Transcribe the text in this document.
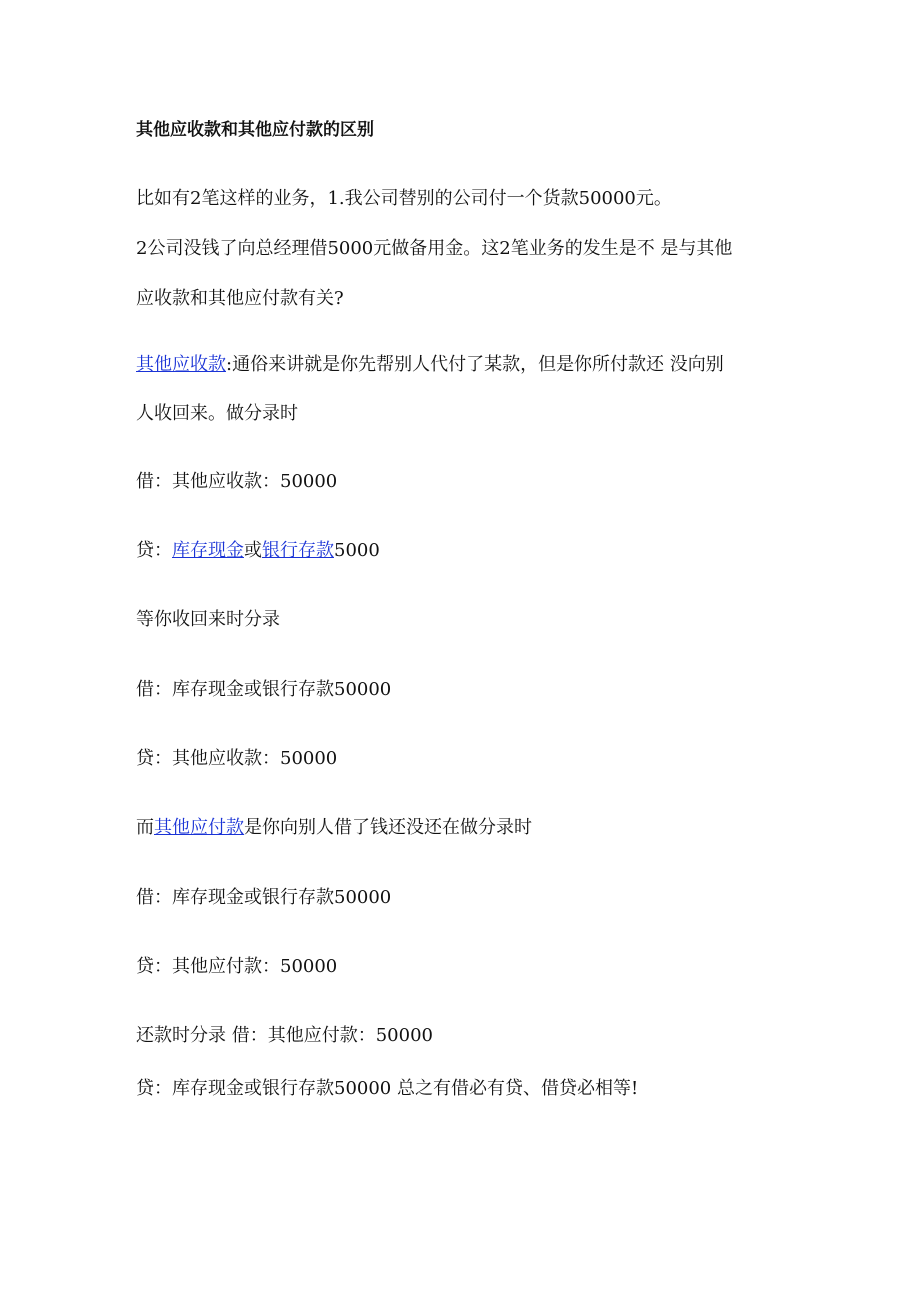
其他应收款和其他应付款的区别
比如有2笔这样的业务，1.我公司替别的公司付一个货款50000元。
2公司没钱了向总经理借5000元做备用金。这2笔业务的发生是不 是与其他
应收款和其他应付款有关?
其他应收款:通俗来讲就是你先帮别人代付了某款，但是你所付款还 没向别
人收回来。做分录时
借：其他应收款：50000
贷：库存现金或银行存款5000
等你收回来时分录
借：库存现金或银行存款50000
贷：其他应收款：50000
而其他应付款是你向别人借了钱还没还在做分录时
借：库存现金或银行存款50000
贷：其他应付款：50000
还款时分录 借：其他应付款：50000
贷：库存现金或银行存款50000 总之有借必有贷、借贷必相等!
